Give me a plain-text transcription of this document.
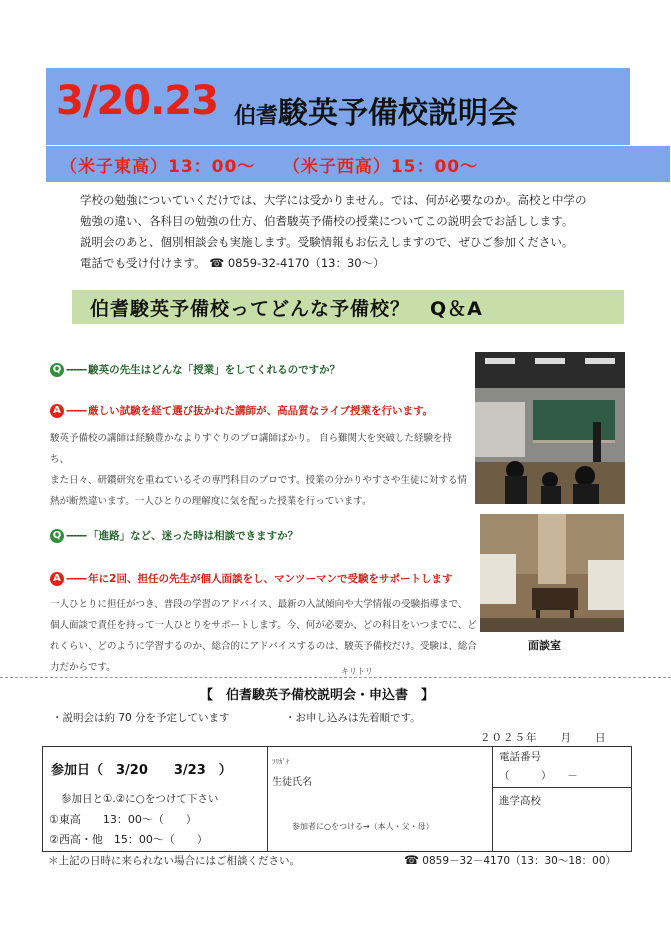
3/20.23 伯耆駿英予備校説明会
（米子東高）13：00～　　（米子西高）15：00～

学校の勉強についていくだけでは、大学には受かりません。では、何が必要なのか。高校と中学の

勉強の違い、各科目の勉強の仕方、伯耆駿英予備校の授業についてこの説明会でお話しします。

説明会のあと、個別相談会も実施します。受験情報もお伝えしますので、ぜひご参加ください。

電話でも受け付けます。 ☎ 0859-32-4170（13：30～）

伯耆駿英予備校ってどんな予備校？　Q＆A
Q ------ 駿英の先生はどんな「授業」をしてくれるのですか？
A ------ 厳しい試験を経て選び抜かれた講師が、高品質なライブ授業を行います。
駿英予備校の講師は経験豊かなよりすぐりのプロ講師ばかり。 自ら難関大を突破した経験を持ち、
また日々、研鑽研究を重ねているその専門科目のプロです。授業の分かりやすさや生徒に対する情
熱が断然違います。一人ひとりの理解度に気を配った授業を行っています。
Q ------ 「進路」など、迷った時は相談できますか？
A ------ 年に2回、担任の先生が個人面談をし、マンツーマンで受験をサポートします
一人ひとりに担任がつき、普段の学習のアドバイス、最新の入試傾向や大学情報の受験指導まで、
個人面談で責任を持って一人ひとりをサポートします。今、何が必要か、どの科目をいつまでに、ど
れくらい、どのように学習するのか、総合的にアドバイスするのは、駿英予備校だけ。受験は、総合
力だからです。
面談室
キリトリ
【　伯耆駿英予備校説明会・申込書　】
・説明会は約 70 分を予定しています	・お申し込みは先着順です。
２０２５年　　月　　日
参加日（　3/20　　3/23　）
参加日と①.②に○をつけて下さい
①東高　　13：00～（　　）
②西高・他　15：00～（　　）
ﾌﾘｶﾞﾅ
生徒氏名
参加者に○をつける→（本人・父・母）
電話番号
（　　　）　　－
進学高校
＊上記の日時に来られない場合にはご相談ください。	☎ 0859－32－4170（13：30～18：00）
